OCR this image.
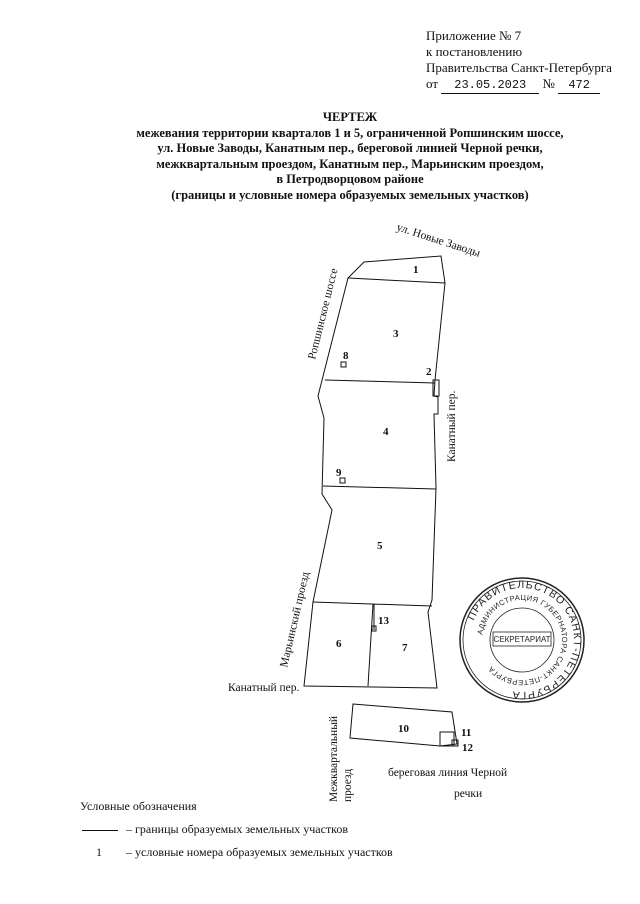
Приложение № 7
к постановлению
Правительства Санкт-Петербурга
от 23.05.2023 № 472
ЧЕРТЕЖ
межевания территории кварталов 1 и 5, ограниченной Ропшинским шоссе,
ул. Новые Заводы, Канатным пер., береговой линией Черной речки,
межквартальным проездом, Канатным пер., Марьинским проездом,
в Петродворцовом районе
(границы и условные номера образуемых земельных участков)
1
3
2
8
4
9
5
13
6	7
10	11
12
ул. Новые Заводы
Ропшинское шоссе
Канатный пер.
Марьинский проезд
Канатный пер.
Межквартальный проезд	береговая линия Черной
речки
ПРАВИТЕЛЬСТВО САНКТ-ПЕТЕРБУРГА
АДМИНИСТРАЦИЯ ГУБЕРНАТОРА САНКТ-ПЕТЕРБУРГА
СЕКРЕТАРИАТ
Условные обозначения
– границы образуемых земельных участков
1 – условные номера образуемых земельных участков
